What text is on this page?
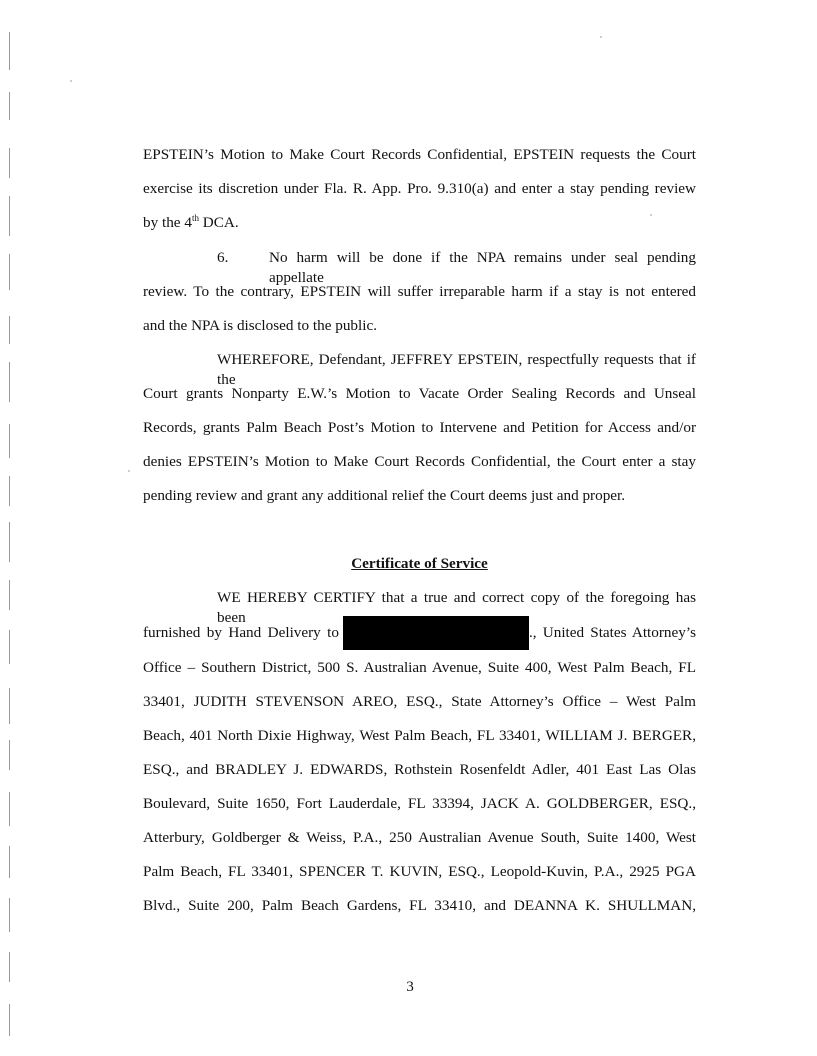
EPSTEIN’s Motion to Make Court Records Confidential, EPSTEIN requests the Court
exercise its discretion under Fla. R. App. Pro. 9.310(a) and enter a stay pending review
by the 4th DCA.
6.	No harm will be done if the NPA remains under seal pending appellate
review. To the contrary, EPSTEIN will suffer irreparable harm if a stay is not entered
and the NPA is disclosed to the public.
WHEREFORE, Defendant, JEFFREY EPSTEIN, respectfully requests that if the
Court grants Nonparty E.W.’s Motion to Vacate Order Sealing Records and Unseal
Records, grants Palm Beach Post’s Motion to Intervene and Petition for Access and/or
denies EPSTEIN’s Motion to Make Court Records Confidential, the Court enter a stay
pending review and grant any additional relief the Court deems just and proper.
Certificate of Service
WE HEREBY CERTIFY that a true and correct copy of the foregoing has been
furnished by Hand Delivery to	., United States Attorney’s
Office – Southern District, 500 S. Australian Avenue, Suite 400, West Palm Beach, FL
33401, JUDITH STEVENSON AREO, ESQ., State Attorney’s Office – West Palm
Beach, 401 North Dixie Highway, West Palm Beach, FL 33401, WILLIAM J. BERGER,
ESQ., and BRADLEY J. EDWARDS, Rothstein Rosenfeldt Adler, 401 East Las Olas
Boulevard, Suite 1650, Fort Lauderdale, FL 33394, JACK A. GOLDBERGER, ESQ.,
Atterbury, Goldberger & Weiss, P.A., 250 Australian Avenue South, Suite 1400, West
Palm Beach, FL 33401, SPENCER T. KUVIN, ESQ., Leopold-Kuvin, P.A., 2925 PGA
Blvd., Suite 200, Palm Beach Gardens, FL 33410, and DEANNA K. SHULLMAN,
3
